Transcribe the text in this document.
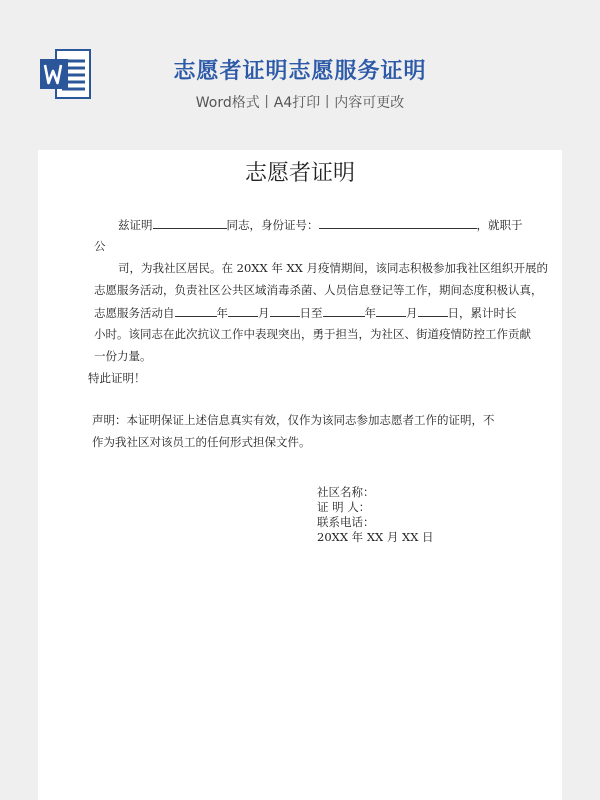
志愿者证明志愿服务证明
Word格式丨A4打印丨内容可更改
志愿者证明
兹证明	同志，身份证号：	，就职于
公
司，为我社区居民。在 20XX 年 XX 月疫情期间，该同志积极参加我社区组织开展的
志愿服务活动，负责社区公共区域消毒杀菌、人员信息登记等工作，期间态度积极认真，
志愿服务活动自	年	月	日至	年	月	日，累计时长
小时。该同志在此次抗议工作中表现突出，勇于担当，为社区、街道疫情防控工作贡献
一份力量。
特此证明！
声明：本证明保证上述信息真实有效，仅作为该同志参加志愿者工作的证明，不
作为我社区对该员工的任何形式担保文件。
社区名称：
证 明 人：
联系电话：
20XX 年 XX 月 XX 日
